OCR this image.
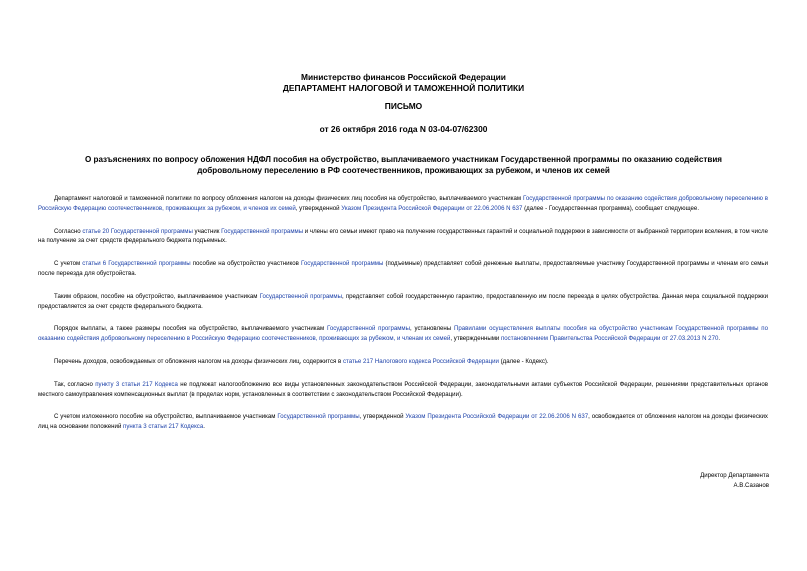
Министерство финансов Российской Федерации
ДЕПАРТАМЕНТ НАЛОГОВОЙ И ТАМОЖЕННОЙ ПОЛИТИКИ
ПИСЬМО
от 26 октября 2016 года N 03-04-07/62300
О разъяснениях по вопросу обложения НДФЛ пособия на обустройство, выплачиваемого участникам Государственной программы по оказанию содействия
добровольному переселению в РФ соотечественников, проживающих за рубежом, и членов их семей

Департамент налоговой и таможенной политики по вопросу обложения налогом на доходы физических лиц пособия на обустройство, выплачиваемого участникам Государственной программы по оказанию содействия добровольному переселению в Российскую Федерацию соотечественников, проживающих за рубежом, и членов их семей, утвержденной Указом Президента Российской Федерации от 22.06.2006 N 637 (далее - Государственная программа), сообщает следующее.

Согласно статье 20 Государственной программы участник Государственной программы и члены его семьи имеют право на получение государственных гарантий и социальной поддержки в зависимости от выбранной территории вселения, в том числе на получение за счет средств федерального бюджета подъемных.

С учетом статьи 6 Государственной программы пособие на обустройство участников Государственной программы (подъемные) представляет собой денежные выплаты, предоставляемые участнику Государственной программы и членам его семьи после переезда для обустройства.

Таким образом, пособие на обустройство, выплачиваемое участникам Государственной программы, представляет собой государственную гарантию, предоставленную им после переезда в целях обустройства. Данная мера социальной поддержки предоставляется за счет средств федерального бюджета.

Порядок выплаты, а также размеры пособия на обустройство, выплачиваемого участникам Государственной программы, установлены Правилами осуществления выплаты пособия на обустройство участникам Государственной программы по оказанию содействия добровольному переселению в Российскую Федерацию соотечественников, проживающих за рубежом, и членам их семей, утвержденными постановлением Правительства Российской Федерации от 27.03.2013 N 270.

Перечень доходов, освобождаемых от обложения налогом на доходы физических лиц, содержится в статье 217 Налогового кодекса Российской Федерации (далее - Кодекс).

Так, согласно пункту 3 статьи 217 Кодекса не подлежат налогообложению все виды установленных законодательством Российской Федерации, законодательными актами субъектов Российской Федерации, решениями представительных органов местного самоуправления компенсационных выплат (в пределах норм, установленных в соответствии с законодательством Российской Федерации).

С учетом изложенного пособие на обустройство, выплачиваемое участникам Государственной программы, утвержденной Указом Президента Российской Федерации от 22.06.2006 N 637, освобождается от обложения налогом на доходы физических лиц на основании положений пункта 3 статьи 217 Кодекса.

Директор Департамента
А.В.Сазанов
